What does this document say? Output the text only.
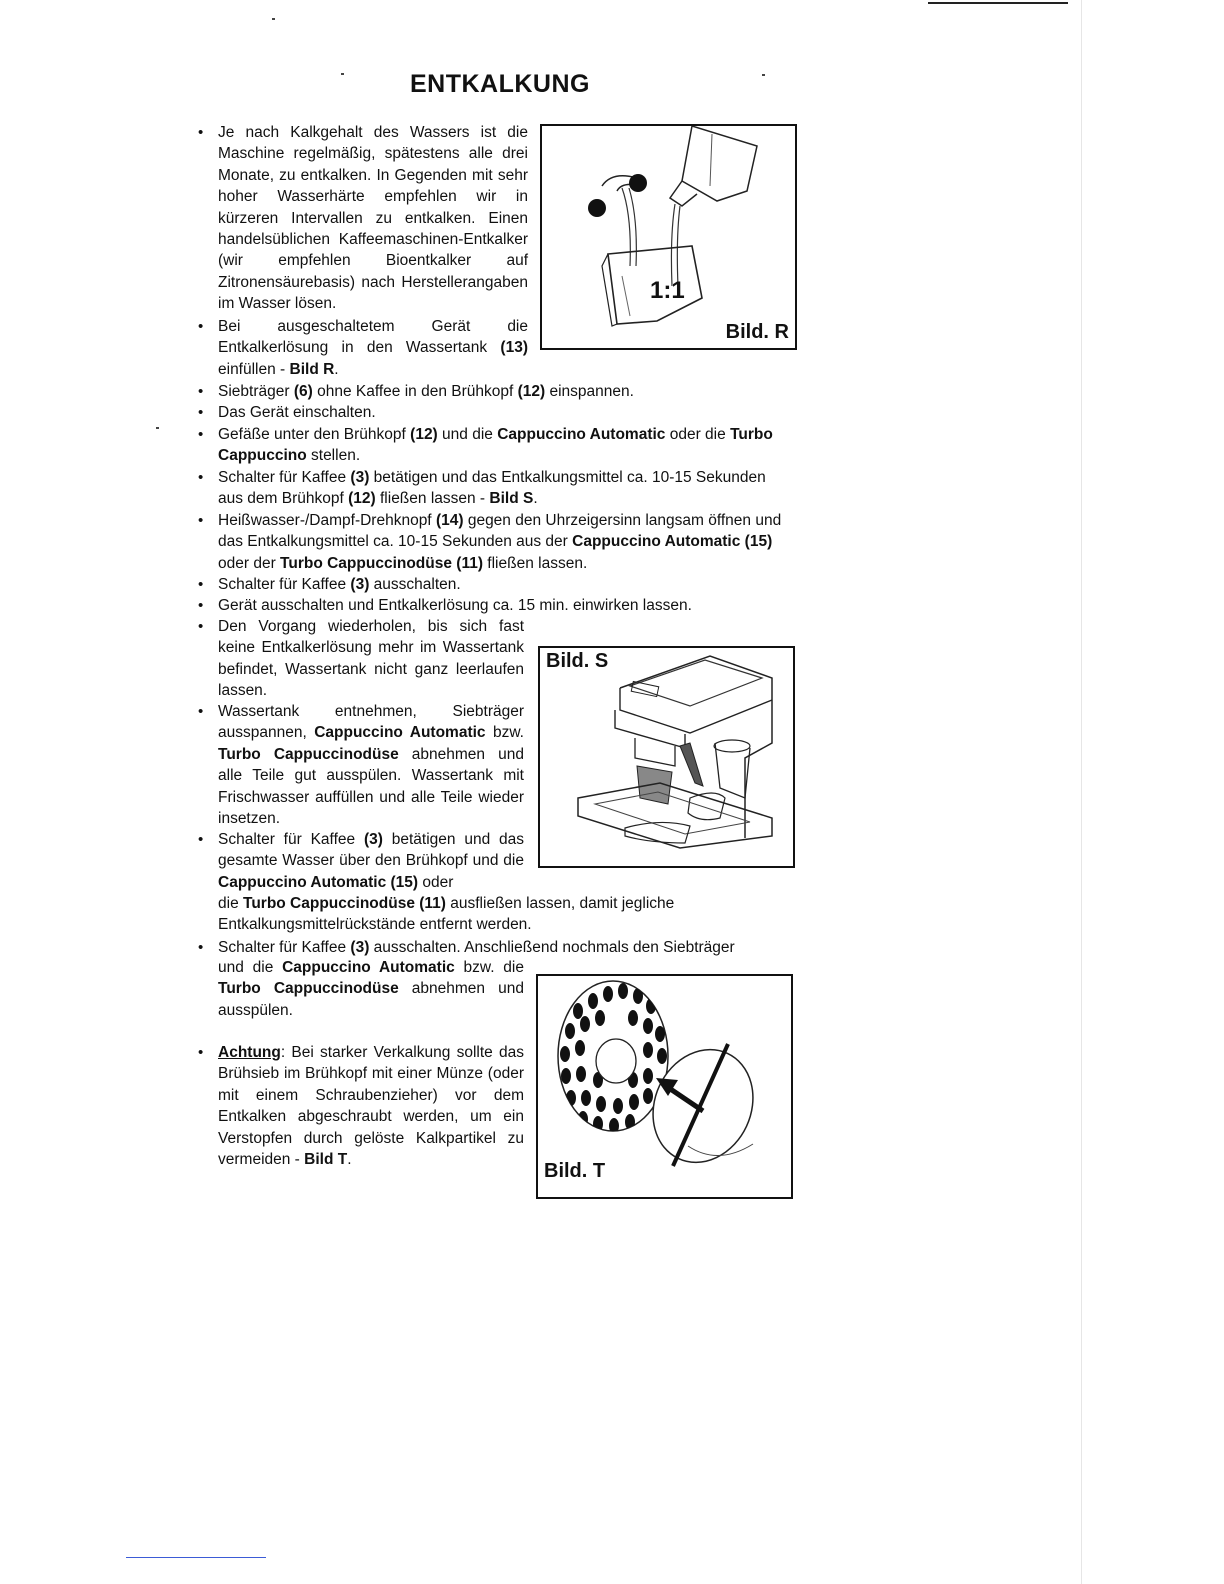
ENTKALKUNG
• Je nach Kalkgehalt des Wassers ist die Maschine regelmäßig, spätestens alle drei Monate, zu entkalken. In Gegenden mit sehr hoher Wasserhärte empfehlen wir in kürzeren Intervallen zu entkalken. Einen handelsüblichen Kaffeemaschinen-Entkalker (wir empfehlen Bioentkalker auf Zitronensäurebasis) nach Herstellerangaben im Wasser lösen.
• Bei ausgeschaltetem Gerät die Entkalkerlösung in den Wassertank (13) einfüllen - Bild R.
• Siebträger (6) ohne Kaffee in den Brühkopf (12) einspannen.
• Das Gerät einschalten.
• Gefäße unter den Brühkopf (12) und die Cappuccino Automatic oder die Turbo Cappuccino stellen.
• Schalter für Kaffee (3) betätigen und das Entkalkungsmittel ca. 10-15 Sekunden aus dem Brühkopf (12) fließen lassen - Bild S.
• Heißwasser-/Dampf-Drehknopf (14) gegen den Uhrzeigersinn langsam öffnen und das Entkalkungsmittel ca. 10-15 Sekunden aus der Cappuccino Automatic (15) oder der Turbo Cappuccinodüse (11) fließen lassen.
• Schalter für Kaffee (3) ausschalten.
• Gerät ausschalten und Entkalkerlösung ca. 15 min. einwirken lassen.
• Den Vorgang wiederholen, bis sich fast keine Entkalkerlösung mehr im Wassertank befindet, Wassertank nicht ganz leerlaufen lassen.
• Wassertank entnehmen, Siebträger ausspannen, Cappuccino Automatic bzw. Turbo Cappuccinodüse abnehmen und alle Teile gut ausspülen. Wassertank mit Frischwasser auffüllen und alle Teile wieder insetzen.
• Schalter für Kaffee (3) betätigen und das gesamte Wasser über den Brühkopf und die Cappuccino Automatic (15) oder
die Turbo Cappuccinodüse (11) ausfließen lassen, damit jegliche Entkalkungsmittelrückstände entfernt werden.
• Schalter für Kaffee (3) ausschalten. Anschließend nochmals den Siebträger
und die Cappuccino Automatic bzw. die Turbo Cappuccinodüse abnehmen und ausspülen.
• Achtung: Bei starker Verkalkung sollte das Brühsieb im Brühkopf mit einer Münze (oder mit einem Schraubenzieher) vor dem Entkalken abgeschraubt werden, um ein Verstopfen durch gelöste Kalkpartikel zu vermeiden - Bild T.
1:1
Bild. R
Bild. S
Bild. T
